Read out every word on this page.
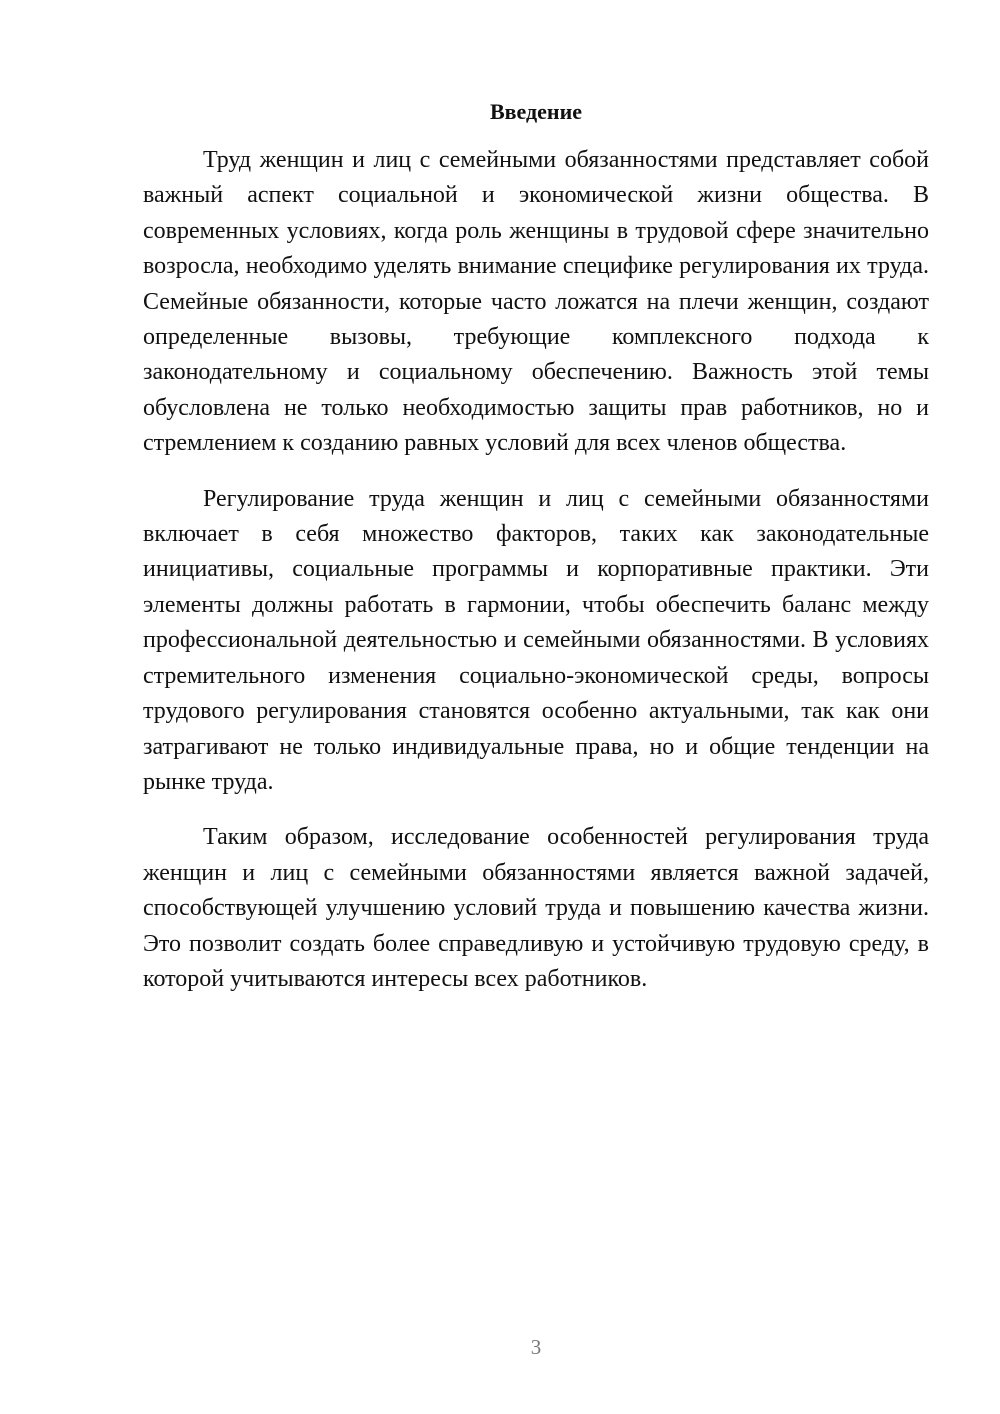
Введение

Труд женщин и лиц с семейными обязанностями представляет собой важный аспект социальной и экономической жизни общества. В современных условиях, когда роль женщины в трудовой сфере значительно возросла, необходимо уделять внимание специфике регулирования их труда. Семейные обязанности, которые часто ложатся на плечи женщин, создают определенные вызовы, требующие комплексного подхода к законодательному и социальному обеспечению. Важность этой темы обусловлена не только необходимостью защиты прав работников, но и стремлением к созданию равных условий для всех членов общества.

Регулирование труда женщин и лиц с семейными обязанностями включает в себя множество факторов, таких как законодательные инициативы, социальные программы и корпоративные практики. Эти элементы должны работать в гармонии, чтобы обеспечить баланс между профессиональной деятельностью и семейными обязанностями. В условиях стремительного изменения социально-экономической среды, вопросы трудового регулирования становятся особенно актуальными, так как они затрагивают не только индивидуальные права, но и общие тенденции на рынке труда.

Таким образом, исследование особенностей регулирования труда женщин и лиц с семейными обязанностями является важной задачей, способствующей улучшению условий труда и повышению качества жизни. Это позволит создать более справедливую и устойчивую трудовую среду, в которой учитываются интересы всех работников.

3
